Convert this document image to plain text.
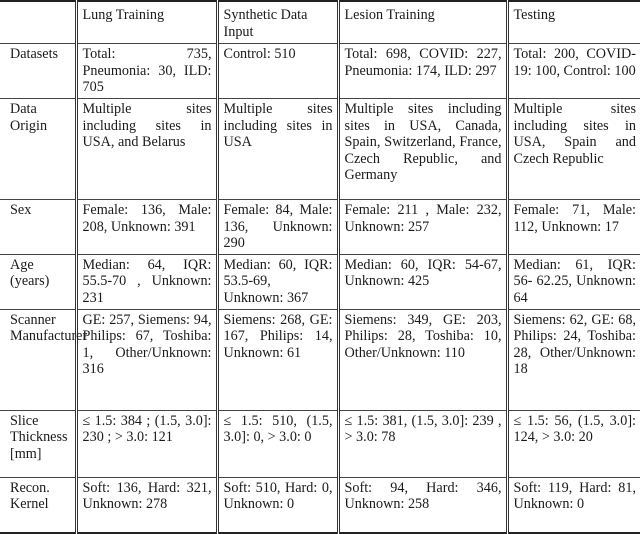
	Lung Training	Synthetic Data Input	Lesion Training	Testing
Datasets	Total: 735, Pneumonia: 30, ILD: 705	Control: 510	Total: 698, COVID: 227, Pneumonia: 174, ILD: 297	Total: 200, COVID-19: 100, Control: 100
Data Origin	Multiple sites including sites in USA, and Belarus	Multiple sites including sites in USA	Multiple sites including sites in USA, Canada, Spain, Switzerland, France, Czech Republic, and Germany	Multiple sites including sites in USA, Spain and Czech Republic
Sex	Female: 136, Male: 208, Unknown: 391	Female: 84, Male: 136, Unknown: 290	Female: 211 , Male: 232, Unknown: 257	Female: 71, Male: 112, Unknown: 17
Age (years)	Median: 64, IQR: 55.5-70 , Unknown: 231	Median: 60, IQR: 53.5-69, Unknown: 367	Median: 60, IQR: 54-67, Unknown: 425	Median: 61, IQR: 56- 62.25, Unknown: 64
Scanner Manufacturer	GE: 257, Siemens: 94, Philips: 67, Toshiba: 1, Other/Unknown: 316	Siemens: 268, GE: 167, Philips: 14, Unknown: 61	Siemens: 349, GE: 203, Philips: 28, Toshiba: 10, Other/Unknown: 110	Siemens: 62, GE: 68, Philips: 24, Toshiba: 28, Other/Unknown: 18
Slice Thickness [mm]	≤ 1.5: 384 ; (1.5, 3.0]: 230 ; > 3.0: 121	≤ 1.5: 510, (1.5, 3.0]: 0, > 3.0: 0	≤ 1.5: 381, (1.5, 3.0]: 239 , > 3.0: 78	≤ 1.5: 56, (1.5, 3.0]: 124, > 3.0: 20
Recon. Kernel	Soft: 136, Hard: 321, Unknown: 278	Soft: 510, Hard: 0, Unknown: 0	Soft: 94, Hard: 346, Unknown: 258	Soft: 119, Hard: 81, Unknown: 0
